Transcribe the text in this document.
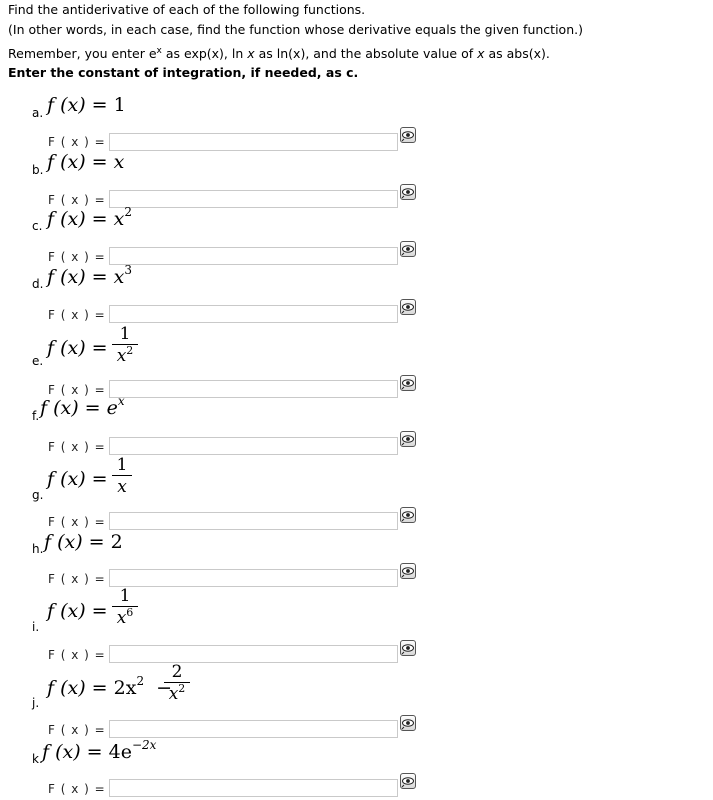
Find the antiderivative of each of the following functions.
(In other words, in each case, find the function whose derivative equals the given function.)
Remember, you enter $e^x$ as exp(x), ln x as ln(x), and the absolute value of x as abs(x).
Enter the constant of integration, if needed, as c.
a. f (x) = 1
F ( x ) =
b. f (x) = x
F ( x ) =
c. f $(x) = x^2$
F ( x ) =
d. f $(x) = x^3$
F ( x ) =
e.
f (x) =
1
$x^2$
F ( x ) =
f. f $(x) = e^x$
F ( x ) =
g.
f (x) =
1
x
F ( x ) =
h. f (x) = 2
F ( x ) =
i.
f (x) =
1
$x^6$
F ( x ) =
j.
f $(x) = 2x^2$ −
2
$x^2$
F ( x ) =
k. f $(x) = 4e^{-2x}$
F ( x ) =
